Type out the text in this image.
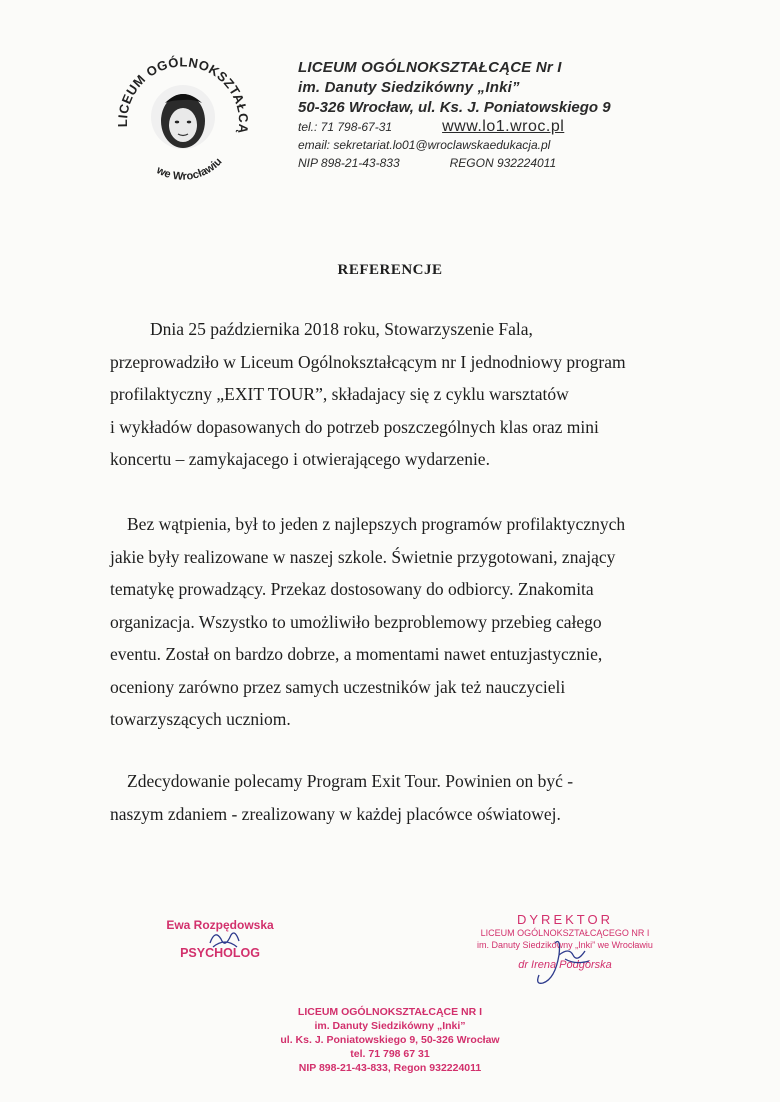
LICEUM OGÓLNOKSZTAŁCĄ
we Wrocławiu
LICEUM OGÓLNOKSZTAŁCĄCE Nr I
im. Danuty Siedzikówny „Inki”
50-326 Wrocław, ul. Ks. J. Poniatowskiego 9
tel.: 71 798-67-31	www.lo1.wroc.pl
email: sekretariat.lo01@wroclawskaedukacja.pl
NIP 898-21-43-833	REGON 932224011
REFERENCJE
Dnia 25 października 2018 roku, Stowarzyszenie Fala,
przeprowadziło w Liceum Ogólnokształcącym nr I jednodniowy program
profilaktyczny „EXIT TOUR”, składajacy się z cyklu warsztatów
i wykładów dopasowanych do potrzeb poszczególnych klas oraz mini
koncertu – zamykajacego i otwierającego wydarzenie.
Bez wątpienia, był to jeden z najlepszych programów profilaktycznych
jakie były realizowane w naszej szkole. Świetnie przygotowani, znający
tematykę prowadzący. Przekaz dostosowany do odbiorcy. Znakomita
organizacja. Wszystko to umożliwiło bezproblemowy przebieg całego
eventu. Został on bardzo dobrze, a momentami nawet entuzjastycznie,
oceniony zarówno przez samych uczestników jak też nauczycieli
towarzyszących uczniom.
Zdecydowanie polecamy Program Exit Tour. Powinien on być -
naszym zdaniem - zrealizowany w każdej placówce oświatowej.
Ewa Rozpędowska
PSYCHOLOG
DYREKTOR
LICEUM OGÓLNOKSZTAŁCĄCEGO NR I
im. Danuty Siedzikówny „Inki” we Wrocławiu
dr Irena Podgórska
LICEUM OGÓLNOKSZTAŁCĄCE NR I
im. Danuty Siedzikówny „Inki”
ul. Ks. J. Poniatowskiego 9, 50-326 Wrocław
tel. 71 798 67 31
NIP 898-21-43-833, Regon 932224011
